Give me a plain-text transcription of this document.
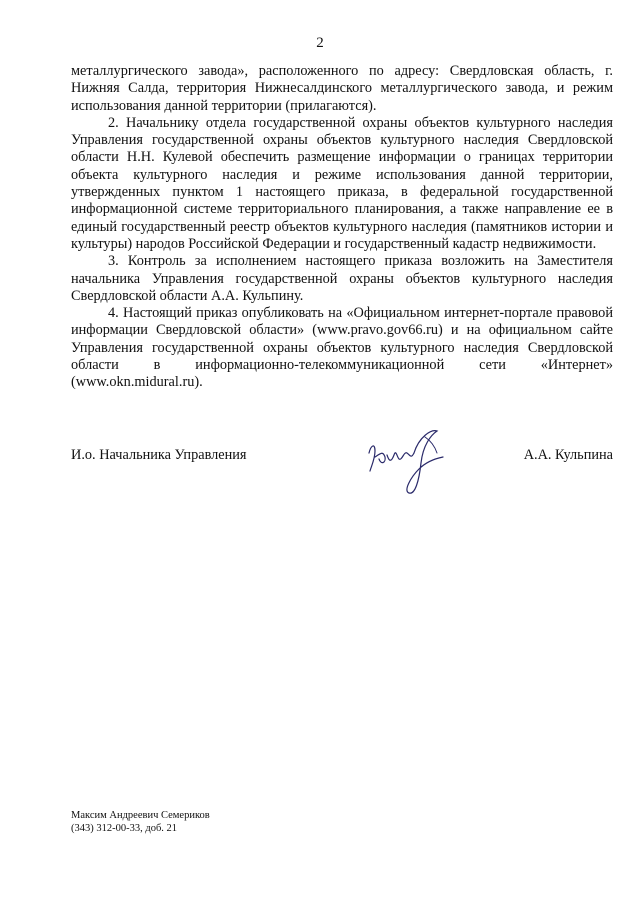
2

металлургического завода», расположенного по адресу: Свердловская область, г. Нижняя Салда, территория Нижнесалдинского металлургического завода, и режим использования данной территории (прилагаются).

2. Начальнику отдела государственной охраны объектов культурного наследия Управления государственной охраны объектов культурного наследия Свердловской области Н.Н. Кулевой обеспечить размещение информации о границах территории объекта культурного наследия и режиме использования данной территории, утвержденных пунктом 1 настоящего приказа, в федеральной государственной информационной системе территориального планирования, а также направление ее в единый государственный реестр объектов культурного наследия (памятников истории и культуры) народов Российской Федерации и государственный кадастр недвижимости.

3. Контроль за исполнением настоящего приказа возложить на Заместителя начальника Управления государственной охраны объектов культурного наследия Свердловской области А.А. Кульпину.

4. Настоящий приказ опубликовать на «Официальном интернет-портале правовой информации Свердловской области» (www.pravo.gov66.ru) и на официальном сайте Управления государственной охраны объектов культурного наследия Свердловской области в информационно-телекоммуникационной сети «Интернет» (www.okn.midural.ru).

И.о. Начальника Управления	А.А. Кульпина
Максим Андреевич Семериков
(343) 312-00-33, доб. 21
